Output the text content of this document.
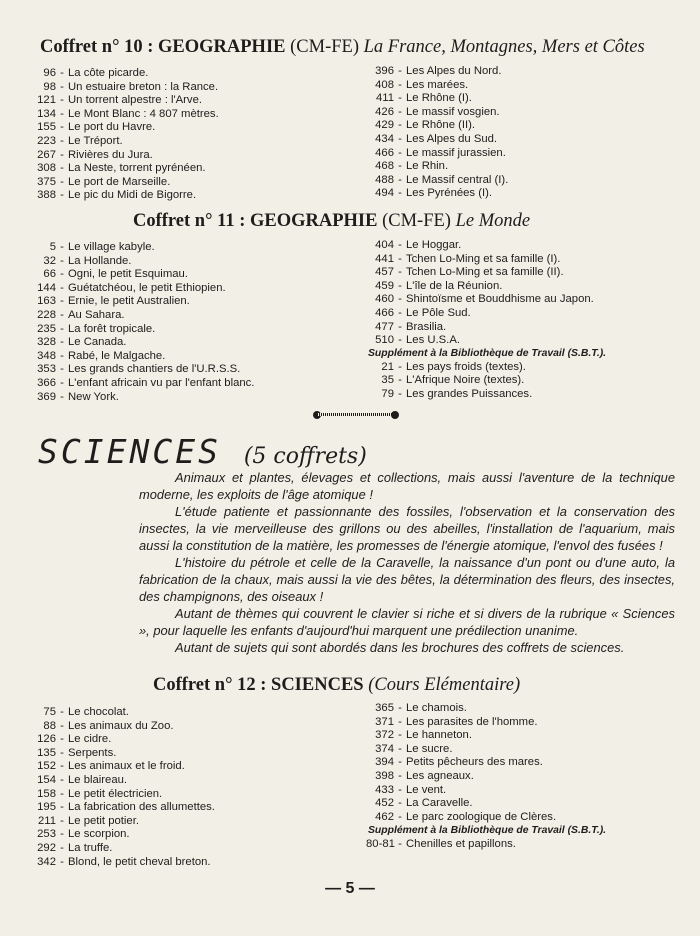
Coffret n° 10 : GEOGRAPHIE (CM-FE) La France, Montagnes, Mers et Côtes
96 - La côte picarde.
98 - Un estuaire breton : la Rance.
121 - Un torrent alpestre : l'Arve.
134 - Le Mont Blanc : 4 807 mètres.
155 - Le port du Havre.
223 - Le Tréport.
267 - Rivières du Jura.
308 - La Neste, torrent pyrénéen.
375 - Le port de Marseille.
388 - Le pic du Midi de Bigorre.
396 - Les Alpes du Nord.
408 - Les marées.
411 - Le Rhône (I).
426 - Le massif vosgien.
429 - Le Rhône (II).
434 - Les Alpes du Sud.
466 - Le massif jurassien.
468 - Le Rhin.
488 - Le Massif central (I).
494 - Les Pyrénées (I).
Coffret n° 11 : GEOGRAPHIE (CM-FE) Le Monde
5 - Le village kabyle.
32 - La Hollande.
66 - Ogni, le petit Esquimau.
144 - Guétatchéou, le petit Ethiopien.
163 - Ernie, le petit Australien.
228 - Au Sahara.
235 - La forêt tropicale.
328 - Le Canada.
348 - Rabé, le Malgache.
353 - Les grands chantiers de l'U.R.S.S.
366 - L'enfant africain vu par l'enfant blanc.
369 - New York.
404 - Le Hoggar.
441 - Tchen Lo-Ming et sa famille (I).
457 - Tchen Lo-Ming et sa famille (II).
459 - L'île de la Réunion.
460 - Shintoïsme et Bouddhisme au Japon.
466 - Le Pôle Sud.
477 - Brasilia.
510 - Les U.S.A.
Supplément à la Bibliothèque de Travail (S.B.T.).
21 - Les pays froids (textes).
35 - L'Afrique Noire (textes).
79 - Les grandes Puissances.
SCIENCES (5 coffrets)

Animaux et plantes, élevages et collections, mais aussi l'aventure de la technique moderne, les exploits de l'âge atomique !

L'étude patiente et passionnante des fossiles, l'observation et la conservation des insectes, la vie merveilleuse des grillons ou des abeilles, l'installation de l'aquarium, mais aussi la constitution de la matière, les promesses de l'énergie atomique, l'envol des fusées !

L'histoire du pétrole et celle de la Caravelle, la naissance d'un pont ou d'une auto, la fabrication de la chaux, mais aussi la vie des bêtes, la détermination des fleurs, des insectes, des champignons, des oiseaux !

Autant de thèmes qui couvrent le clavier si riche et si divers de la rubrique « Sciences », pour laquelle les enfants d'aujourd'hui marquent une prédilection unanime.

Autant de sujets qui sont abordés dans les brochures des coffrets de sciences.

Coffret n° 12 : SCIENCES (Cours Elémentaire)
75 - Le chocolat.
88 - Les animaux du Zoo.
126 - Le cidre.
135 - Serpents.
152 - Les animaux et le froid.
154 - Le blaireau.
158 - Le petit électricien.
195 - La fabrication des allumettes.
211 - Le petit potier.
253 - Le scorpion.
292 - La truffe.
342 - Blond, le petit cheval breton.
365 - Le chamois.
371 - Les parasites de l'homme.
372 - Le hanneton.
374 - Le sucre.
394 - Petits pêcheurs des mares.
398 - Les agneaux.
433 - Le vent.
452 - La Caravelle.
462 - Le parc zoologique de Clères.
Supplément à la Bibliothèque de Travail (S.B.T.).
80-81 - Chenilles et papillons.
— 5 —
